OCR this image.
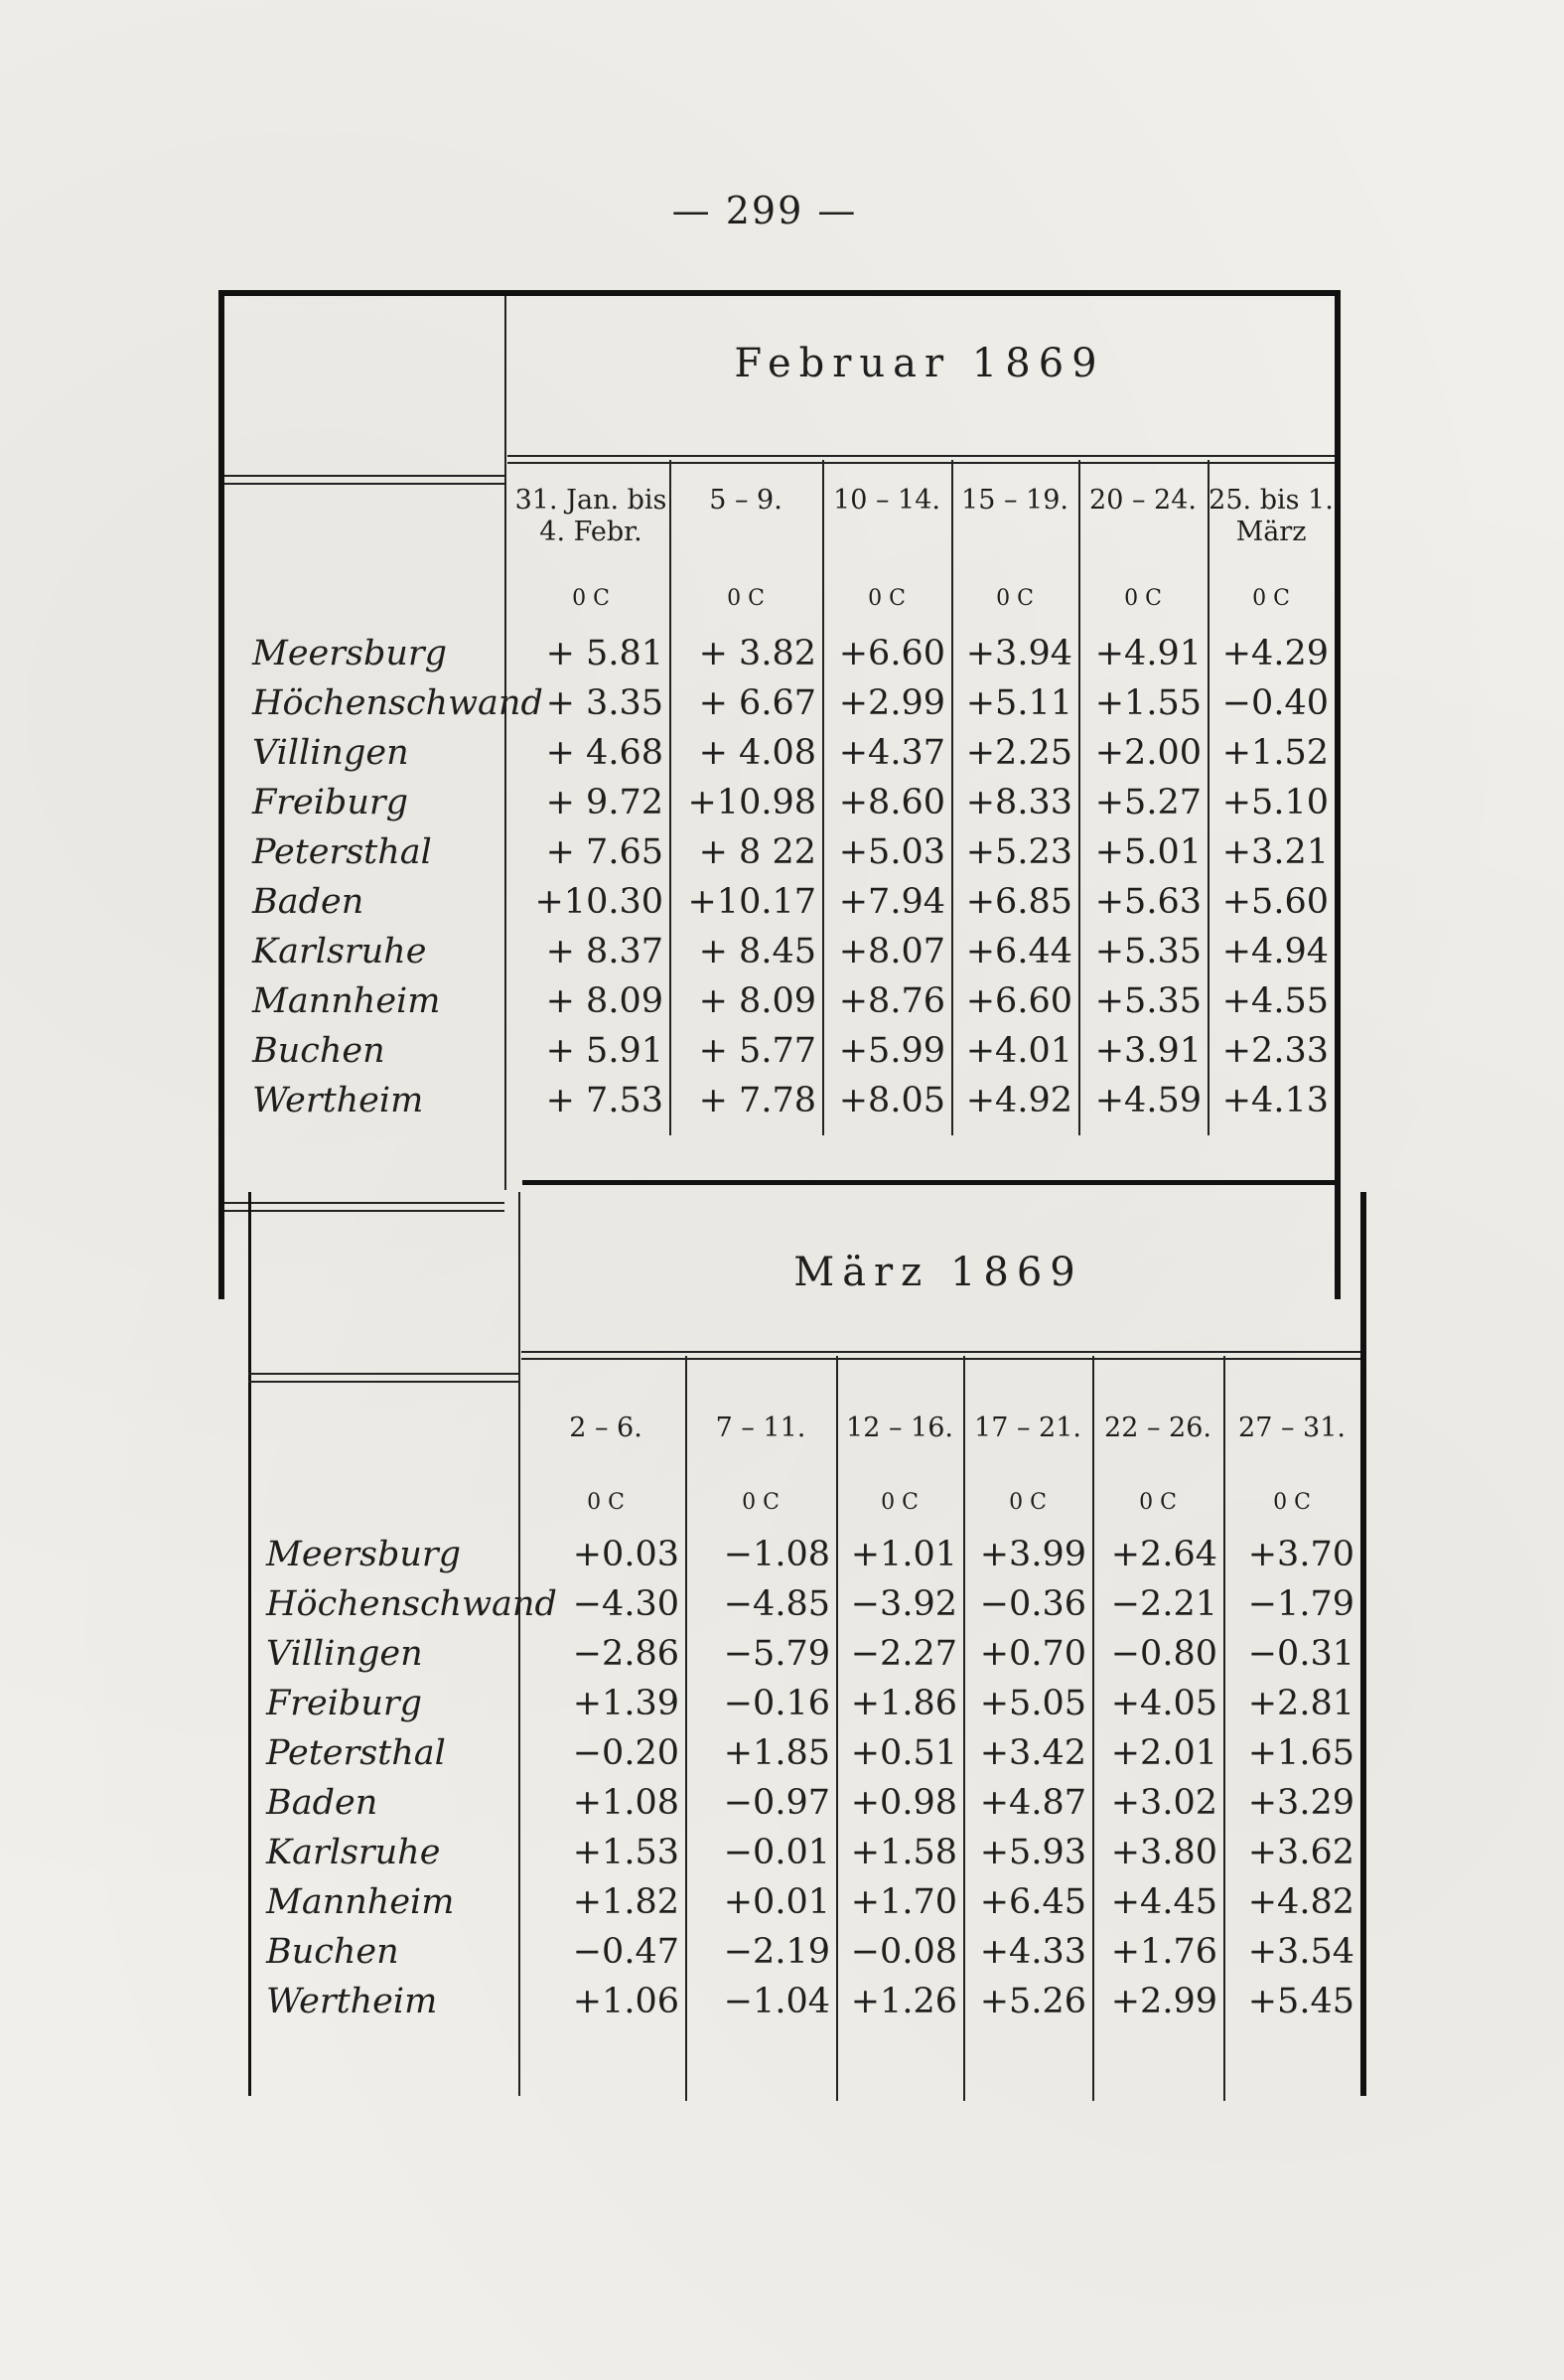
— 299 —
Februar 1869
31. Jan. bis 4. Febr.
0 C
5 – 9.
0 C
10 – 14.
0 C
15 – 19.
0 C
20 – 24.
0 C
25. bis 1. März
0 C
Meersburg	+ 5.81	+ 3.82 +6.60 +3.94 +4.91 +4.29
Höchenschwand + 3.35	+ 6.67 +2.99 +5.11 +1.55 −0.40
Villingen	+ 4.68	+ 4.08 +4.37 +2.25 +2.00 +1.52
Freiburg	+ 9.72 +10.98 +8.60 +8.33 +5.27 +5.10
Petersthal	+ 7.65	+ 8 22 +5.03 +5.23 +5.01 +3.21
Baden	+10.30 +10.17 +7.94 +6.85 +5.63 +5.60
Karlsruhe	+ 8.37	+ 8.45 +8.07 +6.44 +5.35 +4.94
Mannheim	+ 8.09	+ 8.09 +8.76 +6.60 +5.35 +4.55
Buchen	+ 5.91	+ 5.77 +5.99 +4.01 +3.91 +2.33
Wertheim	+ 7.53	+ 7.78 +8.05 +4.92 +4.59 +4.13
März 1869
2 – 6.
0 C
7 – 11.
0 C
12 – 16.
0 C
17 – 21.
0 C
22 – 26.
0 C
27 – 31.
0 C
Meersburg	+0.03	−1.08 +1.01 +3.99 +2.64 +3.70
Höchenschwand −4.30	−4.85 −3.92 −0.36 −2.21 −1.79
Villingen	−2.86	−5.79 −2.27 +0.70 −0.80 −0.31
Freiburg	+1.39	−0.16 +1.86 +5.05 +4.05 +2.81
Petersthal	−0.20	+1.85 +0.51 +3.42 +2.01 +1.65
Baden	+1.08	−0.97 +0.98 +4.87 +3.02 +3.29
Karlsruhe	+1.53	−0.01 +1.58 +5.93 +3.80 +3.62
Mannheim	+1.82	+0.01 +1.70 +6.45 +4.45 +4.82
Buchen	−0.47	−2.19 −0.08 +4.33 +1.76 +3.54
Wertheim	+1.06	−1.04 +1.26 +5.26 +2.99 +5.45
